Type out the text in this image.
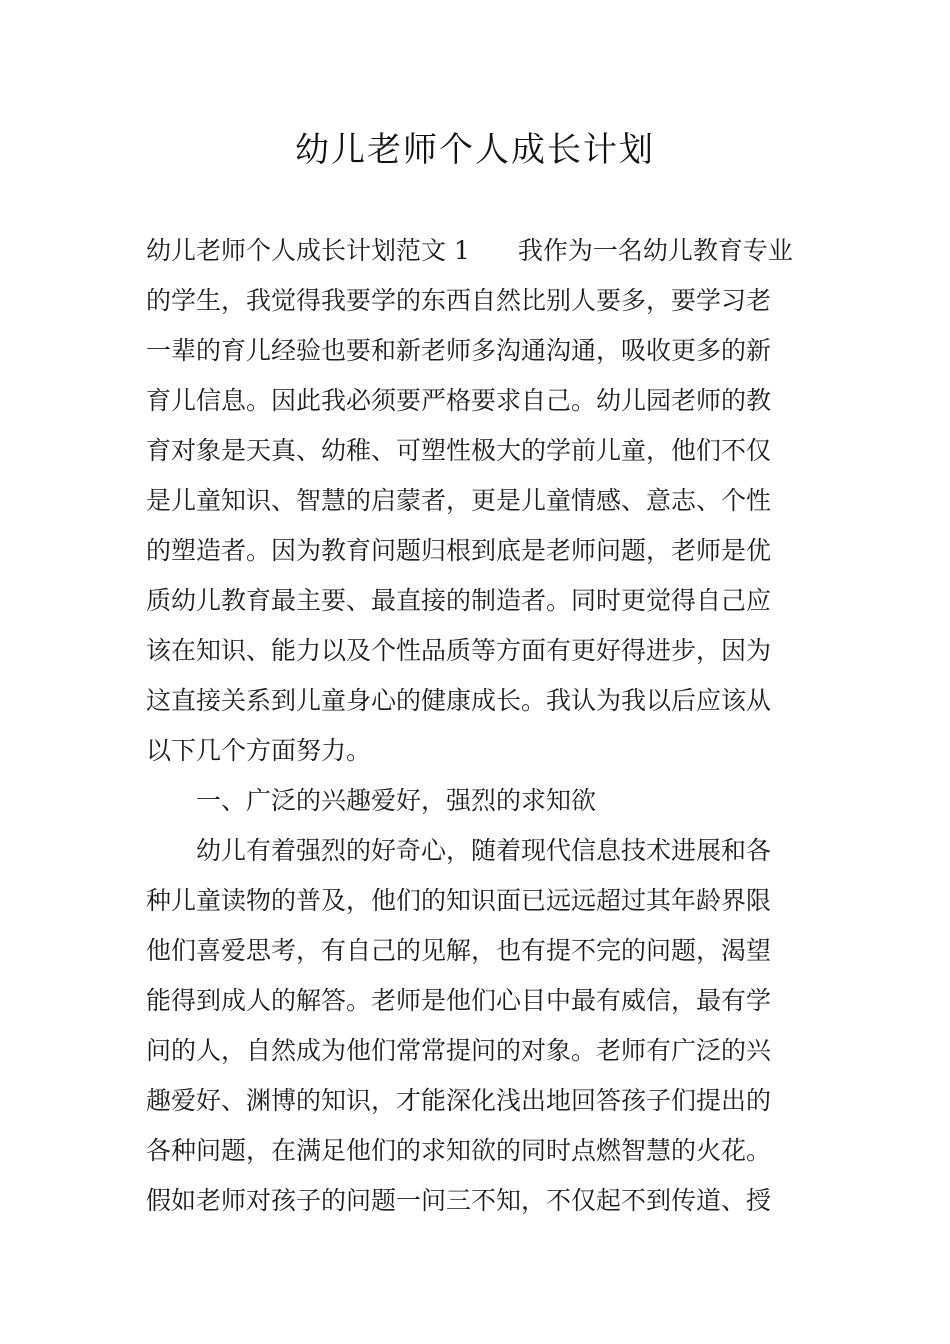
幼儿老师个人成长计划
幼儿老师个人成长计划范文 1 我作为一名幼儿教育专业
的学生，我觉得我要学的东西自然比别人要多，要学习老
一辈的育儿经验也要和新老师多沟通沟通，吸收更多的新
育儿信息。因此我必须要严格要求自己。幼儿园老师的教
育对象是天真、幼稚、可塑性极大的学前儿童，他们不仅
是儿童知识、智慧的启蒙者，更是儿童情感、意志、个性
的塑造者。因为教育问题归根到底是老师问题，老师是优
质幼儿教育最主要、最直接的制造者。同时更觉得自己应
该在知识、能力以及个性品质等方面有更好得进步，因为
这直接关系到儿童身心的健康成长。我认为我以后应该从
以下几个方面努力。
一、广泛的兴趣爱好，强烈的求知欲
幼儿有着强烈的好奇心，随着现代信息技术进展和各
种儿童读物的普及，他们的知识面已远远超过其年龄界限
他们喜爱思考，有自己的见解，也有提不完的问题，渴望
能得到成人的解答。老师是他们心目中最有威信，最有学
问的人，自然成为他们常常提问的对象。老师有广泛的兴
趣爱好、渊博的知识，才能深化浅出地回答孩子们提出的
各种问题，在满足他们的求知欲的同时点燃智慧的火花。
假如老师对孩子的问题一问三不知，不仅起不到传道、授
